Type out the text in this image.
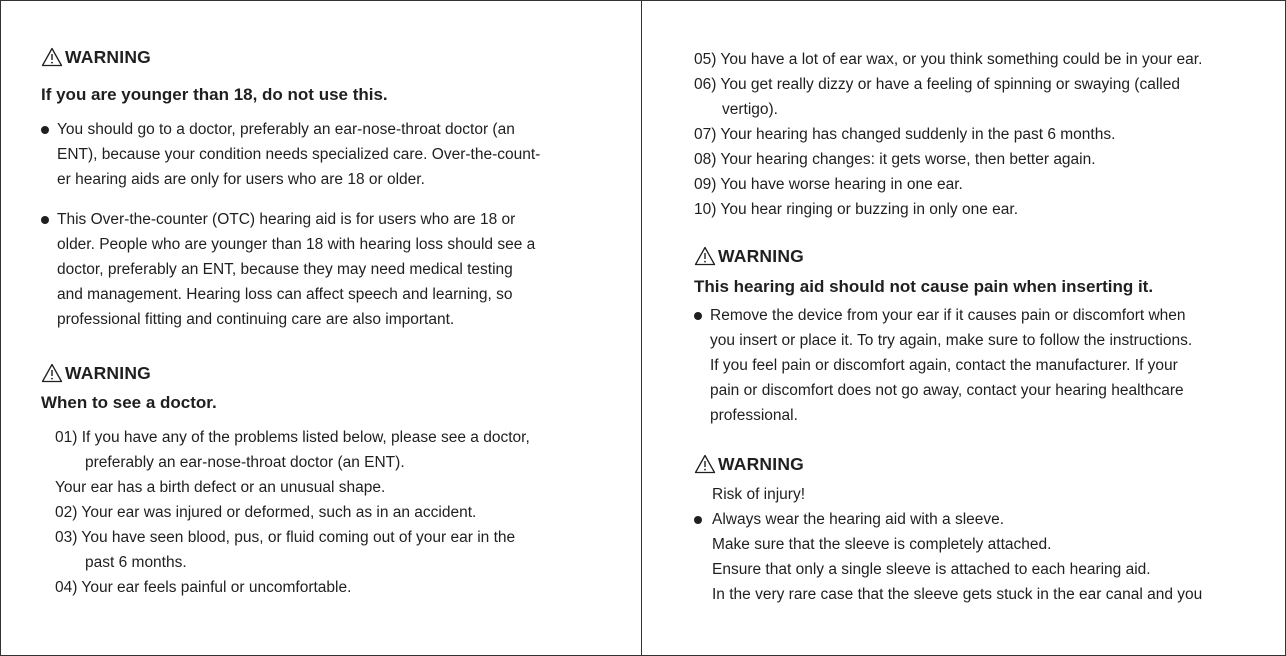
WARNING
If you are younger than 18, do not use this.
You should go to a doctor, preferably an ear-nose-throat doctor (an
ENT), because your condition needs specialized care. Over-the-count-
er hearing aids are only for users who are 18 or older.
This Over-the-counter (OTC) hearing aid is for users who are 18 or
older. People who are younger than 18 with hearing loss should see a
doctor, preferably an ENT, because they may need medical testing
and management. Hearing loss can affect speech and learning, so
professional fitting and continuing care are also important.
WARNING
When to see a doctor.
01) If you have any of the problems listed below, please see a doctor,
preferably an ear-nose-throat doctor (an ENT).
Your ear has a birth defect or an unusual shape.
02) Your ear was injured or deformed, such as in an accident.
03) You have seen blood, pus, or fluid coming out of your ear in the
past 6 months.
04) Your ear feels painful or uncomfortable.
05) You have a lot of ear wax, or you think something could be in your ear.
06) You get really dizzy or have a feeling of spinning or swaying (called
vertigo).
07) Your hearing has changed suddenly in the past 6 months.
08) Your hearing changes: it gets worse, then better again.
09) You have worse hearing in one ear.
10) You hear ringing or buzzing in only one ear.
WARNING
This hearing aid should not cause pain when inserting it.
Remove the device from your ear if it causes pain or discomfort when
you insert or place it. To try again, make sure to follow the instructions.
If you feel pain or discomfort again, contact the manufacturer. If your
pain or discomfort does not go away, contact your hearing healthcare
professional.
WARNING
Risk of injury!
Always wear the hearing aid with a sleeve.
Make sure that the sleeve is completely attached.
Ensure that only a single sleeve is attached to each hearing aid.
In the very rare case that the sleeve gets stuck in the ear canal and you
